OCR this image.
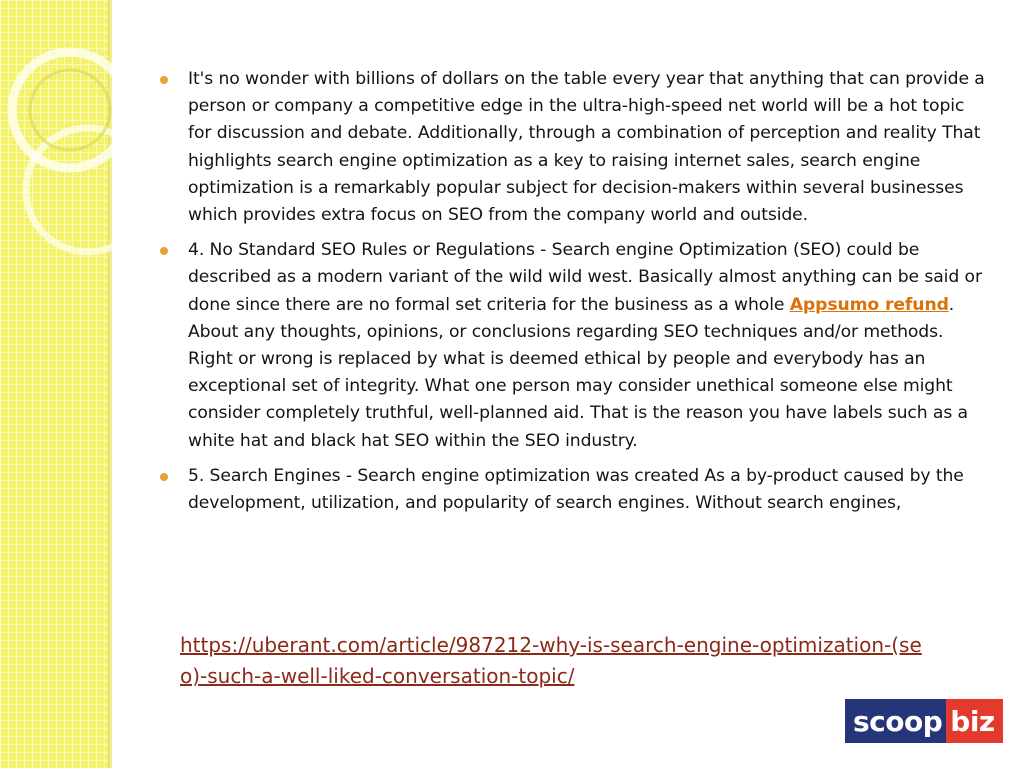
It's no wonder with billions of dollars on the table every year that anything that can provide a person or company a competitive edge in the ultra-high-speed net world will be a hot topic for discussion and debate. Additionally, through a combination of perception and reality That highlights search engine optimization as a key to raising internet sales, search engine optimization is a remarkably popular subject for decision-makers within several businesses which provides extra focus on SEO from the company world and outside.
4. No Standard SEO Rules or Regulations - Search engine Optimization (SEO) could be described as a modern variant of the wild wild west. Basically almost anything can be said or done since there are no formal set criteria for the business as a whole Appsumo refund. About any thoughts, opinions, or conclusions regarding SEO techniques and/or methods. Right or wrong is replaced by what is deemed ethical by people and everybody has an exceptional set of integrity. What one person may consider unethical someone else might consider completely truthful, well-planned aid. That is the reason you have labels such as a white hat and black hat SEO within the SEO industry.
5. Search Engines - Search engine optimization was created As a by-product caused by the development, utilization, and popularity of search engines. Without search engines,
https://uberant.com/article/987212-why-is-search-engine-optimization-(seo)-such-a-well-liked-conversation-topic/
scoop biz
